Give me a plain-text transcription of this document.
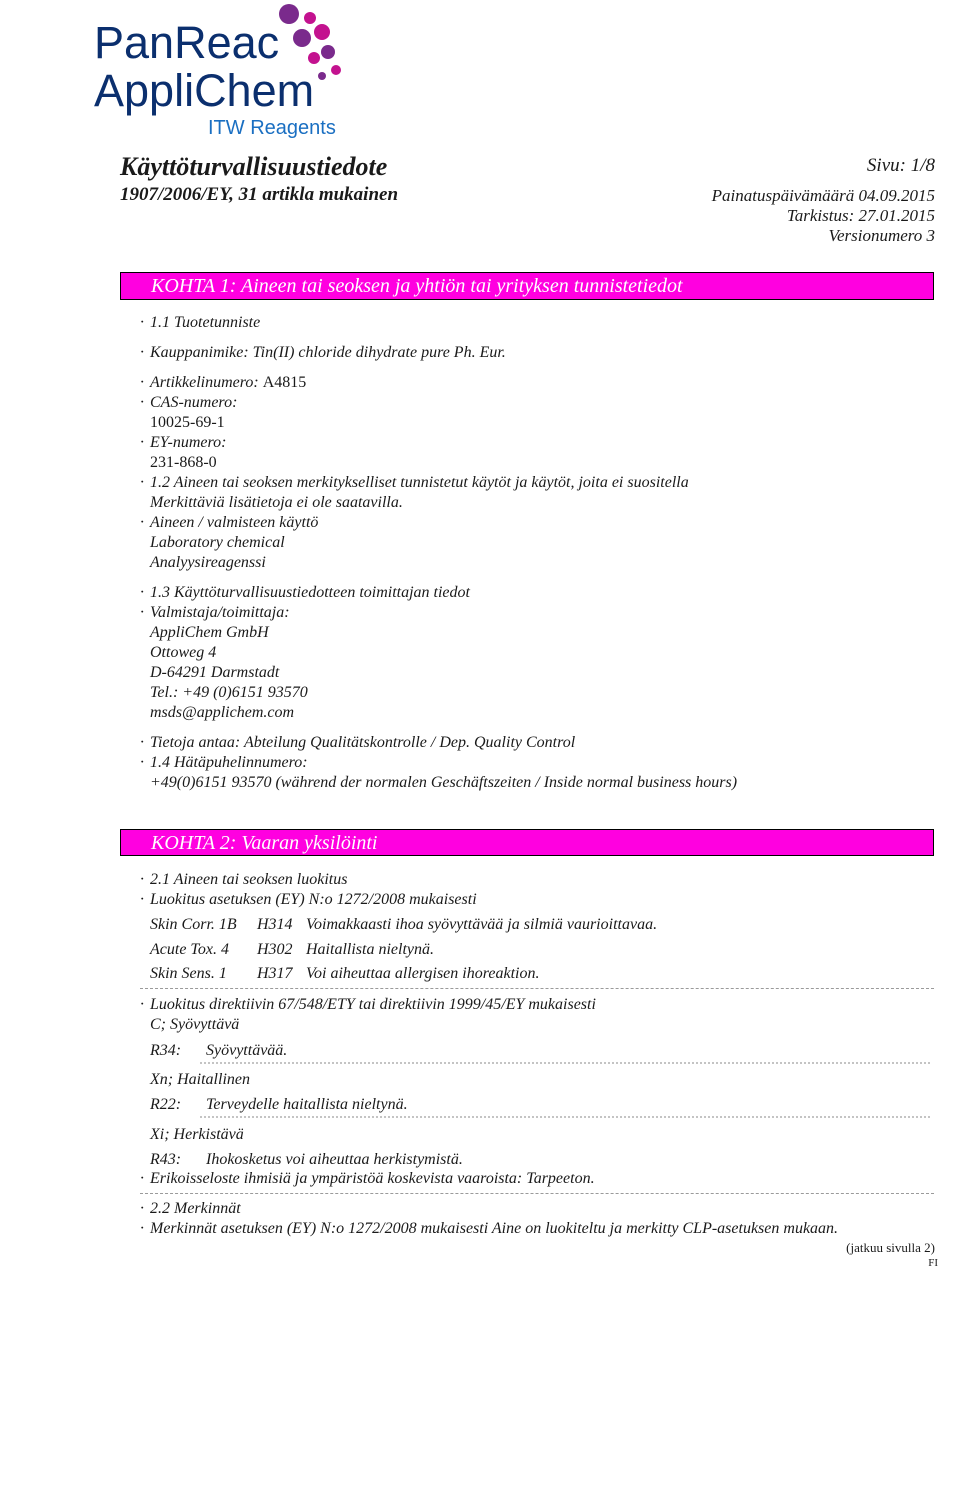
PanReac
AppliChem
ITW Reagents
Käyttöturvallisuustiedote
1907/2006/EY, 31 artikla mukainen
Sivu: 1/8
Painatuspäivämäärä 04.09.2015
Tarkistus: 27.01.2015
Versionumero 3
KOHTA 1: Aineen tai seoksen ja yhtiön tai yrityksen tunnistetiedot
· 1.1 Tuotetunniste
· Kauppanimike: Tin(II) chloride dihydrate pure Ph. Eur.
· Artikkelinumero: A4815
· CAS-numero:
10025-69-1
· EY-numero:
231-868-0
· 1.2 Aineen tai seoksen merkitykselliset tunnistetut käytöt ja käytöt, joita ei suositella
Merkittäviä lisätietoja ei ole saatavilla.
· Aineen / valmisteen käyttö
Laboratory chemical
Analyysireagenssi
· 1.3 Käyttöturvallisuustiedotteen toimittajan tiedot
· Valmistaja/toimittaja:
AppliChem GmbH
Ottoweg 4
D-64291 Darmstadt
Tel.: +49 (0)6151 93570
msds@applichem.com
· Tietoja antaa: Abteilung Qualitätskontrolle / Dep. Quality Control
· 1.4 Hätäpuhelinnumero:
+49(0)6151 93570 (während der normalen Geschäftszeiten / Inside normal business hours)
KOHTA 2: Vaaran yksilöinti
· 2.1 Aineen tai seoksen luokitus
· Luokitus asetuksen (EY) N:o 1272/2008 mukaisesti
Skin Corr. 1B H314 Voimakkaasti ihoa syövyttävää ja silmiä vaurioittavaa.
Acute Tox. 4 H302 Haitallista nieltynä.
Skin Sens. 1 H317 Voi aiheuttaa allergisen ihoreaktion.
· Luokitus direktiivin 67/548/ETY tai direktiivin 1999/45/EY mukaisesti
C; Syövyttävä
R34: Syövyttävää.
Xn; Haitallinen
R22: Terveydelle haitallista nieltynä.
Xi; Herkistävä
R43: Ihokosketus voi aiheuttaa herkistymistä.
· Erikoisseloste ihmisiä ja ympäristöä koskevista vaaroista: Tarpeeton.
· 2.2 Merkinnät
· Merkinnät asetuksen (EY) N:o 1272/2008 mukaisesti Aine on luokiteltu ja merkitty CLP-asetuksen mukaan.
(jatkuu sivulla 2)
FI
